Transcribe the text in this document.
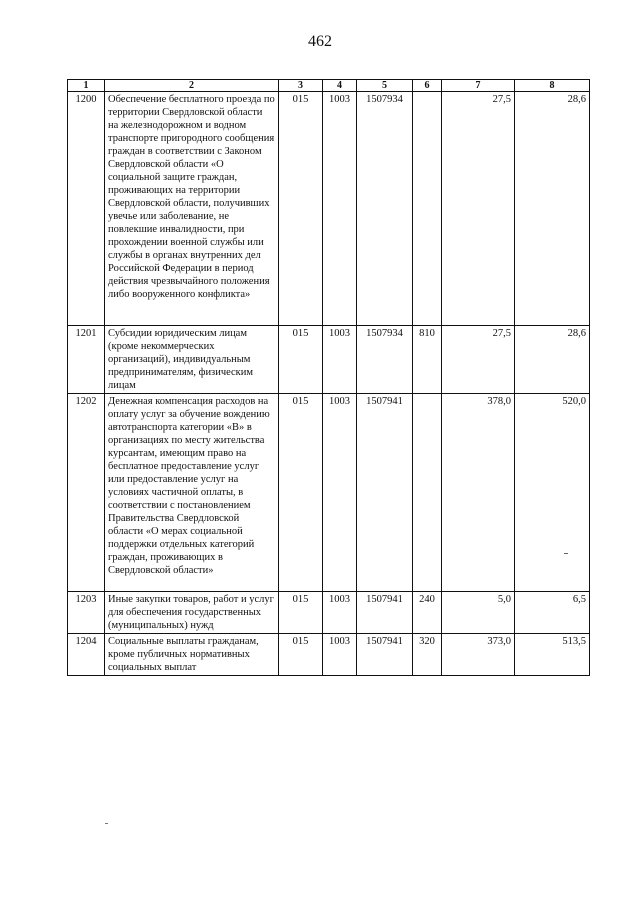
462
1	2	3	4	5	6	7	8
1200	Обеспечение бесплатного проезда по территории Свердловской области на железнодорожном и водном транспорте пригородного сообщения граждан в соответствии с Законом Свердловской области «О социальной защите граждан, проживающих на территории Свердловской области, получивших увечье или заболевание, не повлекшие инвалидности, при прохождении военной службы или службы в органах внутренних дел Российской Федерации в период действия чрезвычайного положения либо вооруженного конфликта»	015	1003	1507934		27,5	28,6
1201	Субсидии юридическим лицам (кроме некоммерческих организаций), индивидуальным предпринимателям, физическим лицам	015	1003	1507934	810	27,5	28,6
1202	Денежная компенсация расходов на оплату услуг за обучение вождению автотранспорта категории «В» в организациях по месту жительства курсантам, имеющим право на бесплатное предоставление услуг или предоставление услуг на условиях частичной оплаты, в соответствии с постановлением Правительства Свердловской области «О мерах социальной поддержки отдельных категорий граждан, проживающих в Свердловской области»	015	1003	1507941		378,0	520,0
1203	Иные закупки товаров, работ и услуг для обеспечения государственных (муниципальных) нужд	015	1003	1507941	240	5,0	6,5
1204	Социальные выплаты гражданам, кроме публичных нормативных социальных выплат	015	1003	1507941	320	373,0	513,5
